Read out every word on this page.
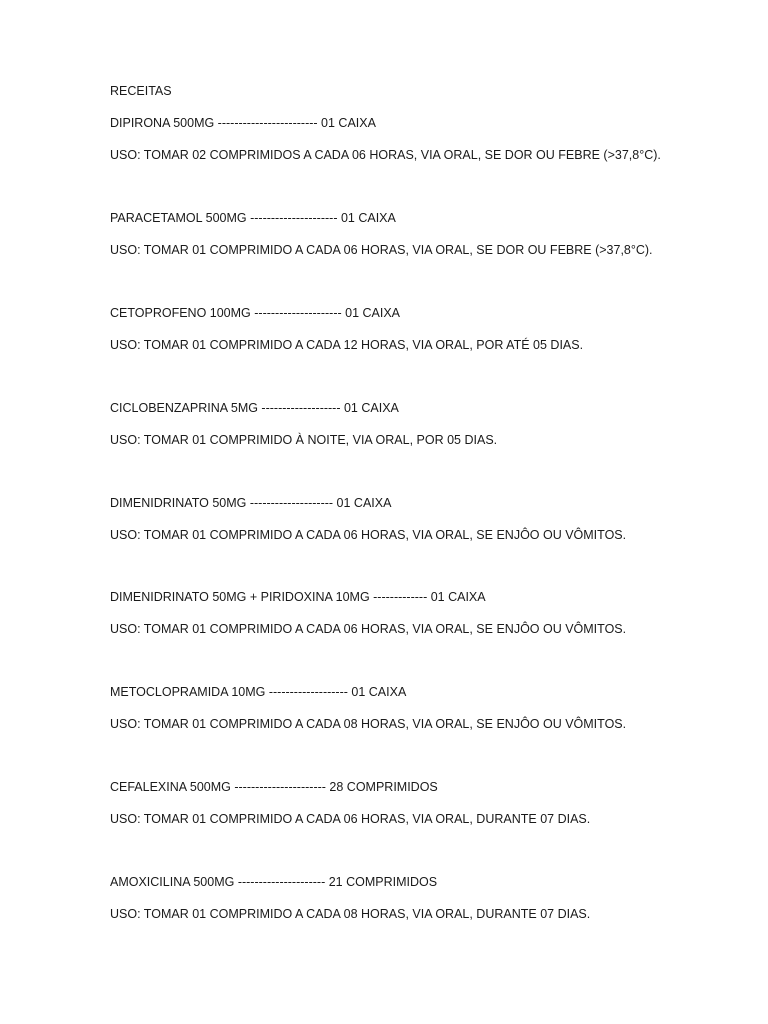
RECEITAS
DIPIRONA 500MG ------------------------ 01 CAIXA
USO: TOMAR 02 COMPRIMIDOS A CADA 06 HORAS, VIA ORAL, SE DOR OU FEBRE (>37,8°C).
PARACETAMOL 500MG --------------------- 01 CAIXA
USO: TOMAR 01 COMPRIMIDO A CADA 06 HORAS, VIA ORAL, SE DOR OU FEBRE (>37,8°C).
CETOPROFENO 100MG --------------------- 01 CAIXA
USO: TOMAR 01 COMPRIMIDO A CADA 12 HORAS, VIA ORAL, POR ATÉ 05 DIAS.
CICLOBENZAPRINA 5MG ------------------- 01 CAIXA
USO: TOMAR 01 COMPRIMIDO À NOITE, VIA ORAL, POR 05 DIAS.
DIMENIDRINATO 50MG -------------------- 01 CAIXA
USO: TOMAR 01 COMPRIMIDO A CADA 06 HORAS, VIA ORAL, SE ENJÔO OU VÔMITOS.
DIMENIDRINATO 50MG + PIRIDOXINA 10MG ------------- 01 CAIXA
USO: TOMAR 01 COMPRIMIDO A CADA 06 HORAS, VIA ORAL, SE ENJÔO OU VÔMITOS.
METOCLOPRAMIDA 10MG ------------------- 01 CAIXA
USO: TOMAR 01 COMPRIMIDO A CADA 08 HORAS, VIA ORAL, SE ENJÔO OU VÔMITOS.
CEFALEXINA 500MG ---------------------- 28 COMPRIMIDOS
USO: TOMAR 01 COMPRIMIDO A CADA 06 HORAS, VIA ORAL, DURANTE 07 DIAS.
AMOXICILINA 500MG --------------------- 21 COMPRIMIDOS
USO: TOMAR 01 COMPRIMIDO A CADA 08 HORAS, VIA ORAL, DURANTE 07 DIAS.
